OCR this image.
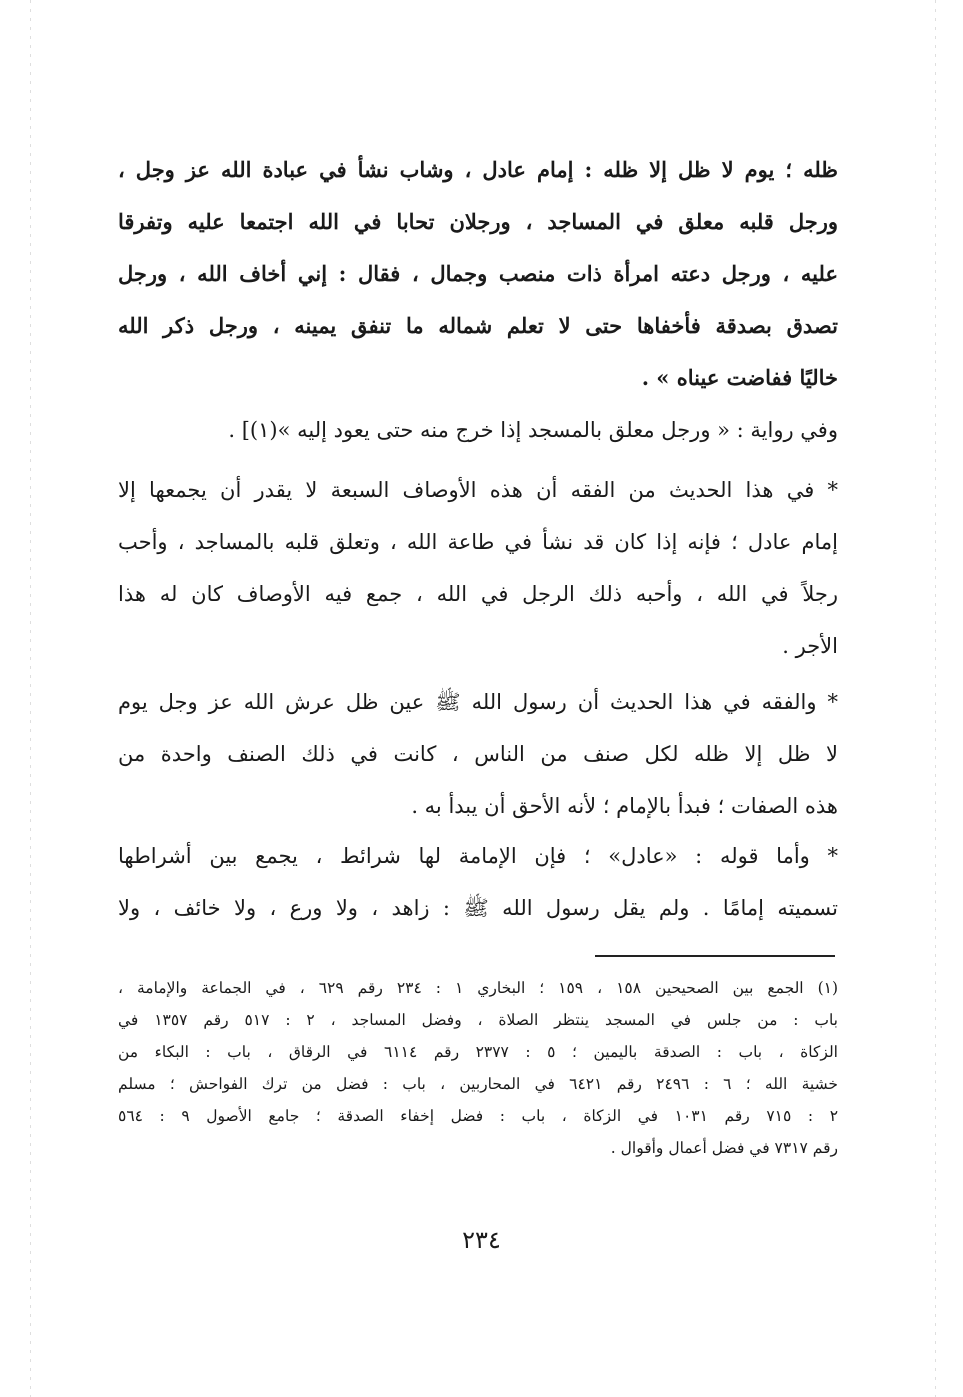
ظله ؛ يوم لا ظل إلا ظله : إمام عادل ، وشاب نشأ في عبادة الله عز وجل ،
ورجل قلبه معلق في المساجد ، ورجلان تحابا في الله اجتمعا عليه وتفرقا
عليه ، ورجل دعته امرأة ذات منصب وجمال ، فقال : إني أخاف الله ، ورجل
تصدق بصدقة فأخفاها حتى لا تعلم شماله ما تنفق يمينه ، ورجل ذكر الله
خاليًا ففاضت عيناه » .
وفي رواية : « ورجل معلق بالمسجد إذا خرج منه حتى يعود إليه »(١)] .
* في هذا الحديث من الفقه أن هذه الأوصاف السبعة لا يقدر أن يجمعها إلا
إمام عادل ؛ فإنه إذا كان قد نشأ في طاعة الله ، وتعلق قلبه بالمساجد ، وأحب
رجلاً في الله ، وأحبه ذلك الرجل في الله ، جمع فيه الأوصاف كان له هذا
الأجر .
* والفقه في هذا الحديث أن رسول الله ﷺ عين ظل عرش الله عز وجل يوم
لا ظل إلا ظله لكل صنف من الناس ، كانت في ذلك الصنف واحدة من
هذه الصفات ؛ فبدأ بالإمام ؛ لأنه الأحق أن يبدأ به .
* وأما قوله : «عادل» ؛ فإن الإمامة لها شرائط ، يجمع بين أشراطها
تسميته إمامًا . ولم يقل رسول الله ﷺ : زاهد ، ولا ورع ، ولا خائف ، ولا
(١) الجمع بين الصحيحين ١٥٨ ، ١٥٩ ؛ البخاري ١ : ٢٣٤ رقم ٦٢٩ ، في الجماعة والإمامة ،
باب : من جلس في المسجد ينتظر الصلاة ، وفضل المساجد ، ٢ : ٥١٧ رقم ١٣٥٧ في
الزكاة ، باب : الصدقة باليمين ؛ ٥ : ٢٣٧٧ رقم ٦١١٤ في الرقاق ، باب : البكاء من
خشية الله ؛ ٦ : ٢٤٩٦ رقم ٦٤٢١ في المحاربين ، باب : فضل من ترك الفواحش ؛ مسلم
٢ : ٧١٥ رقم ١٠٣١ في الزكاة ، باب : فضل إخفاء الصدقة ؛ جامع الأصول ٩ : ٥٦٤
رقم ٧٣١٧ في فضل أعمال وأقوال .
٢٣٤
